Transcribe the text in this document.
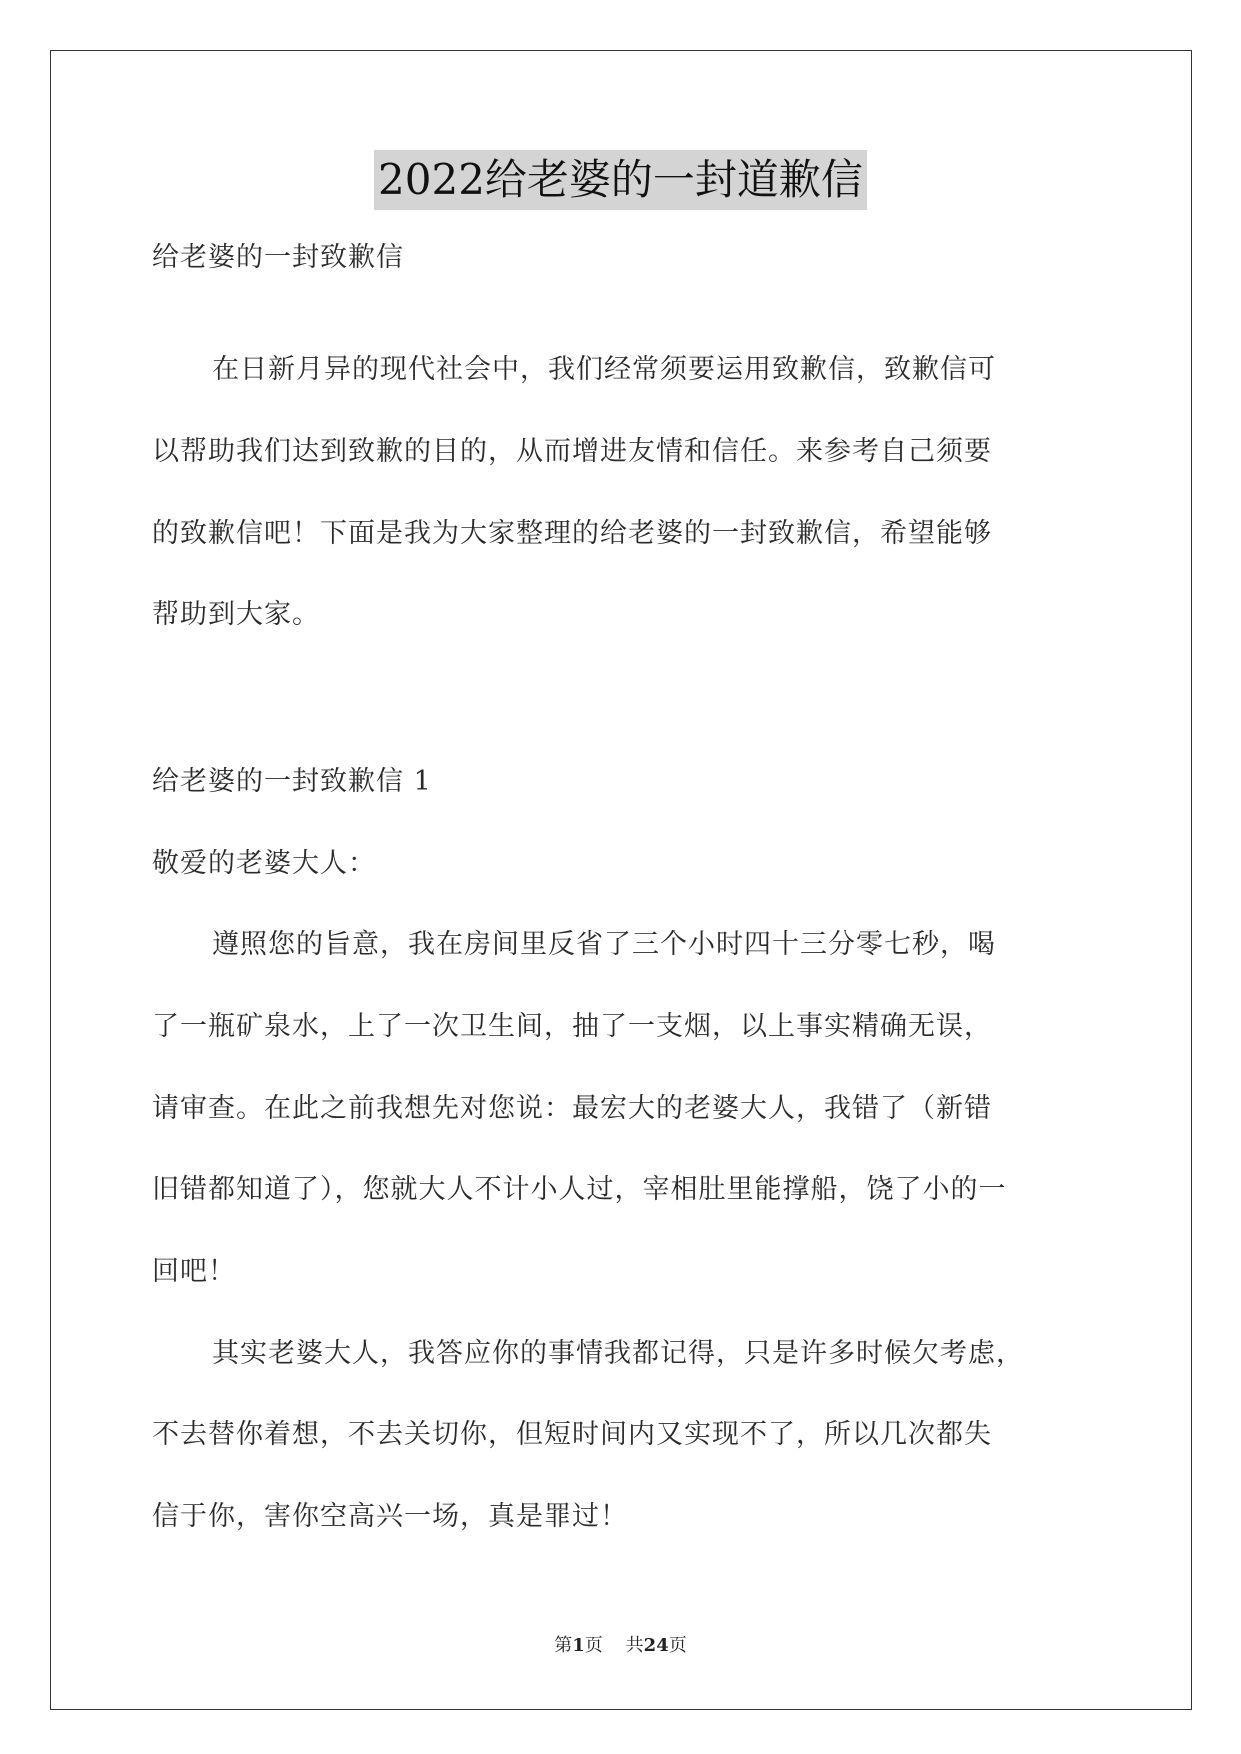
2022给老婆的一封道歉信
给老婆的一封致歉信
在日新月异的现代社会中，我们经常须要运用致歉信，致歉信可
以帮助我们达到致歉的目的，从而增进友情和信任。来参考自己须要
的致歉信吧！下面是我为大家整理的给老婆的一封致歉信，希望能够
帮助到大家。
给老婆的一封致歉信 1
敬爱的老婆大人：
遵照您的旨意，我在房间里反省了三个小时四十三分零七秒，喝
了一瓶矿泉水，上了一次卫生间，抽了一支烟，以上事实精确无误，
请审查。在此之前我想先对您说：最宏大的老婆大人，我错了（新错
旧错都知道了），您就大人不计小人过，宰相肚里能撑船，饶了小的一
回吧！
其实老婆大人，我答应你的事情我都记得，只是许多时候欠考虑，
不去替你着想，不去关切你，但短时间内又实现不了，所以几次都失
信于你，害你空高兴一场，真是罪过！
第1页 共24页
